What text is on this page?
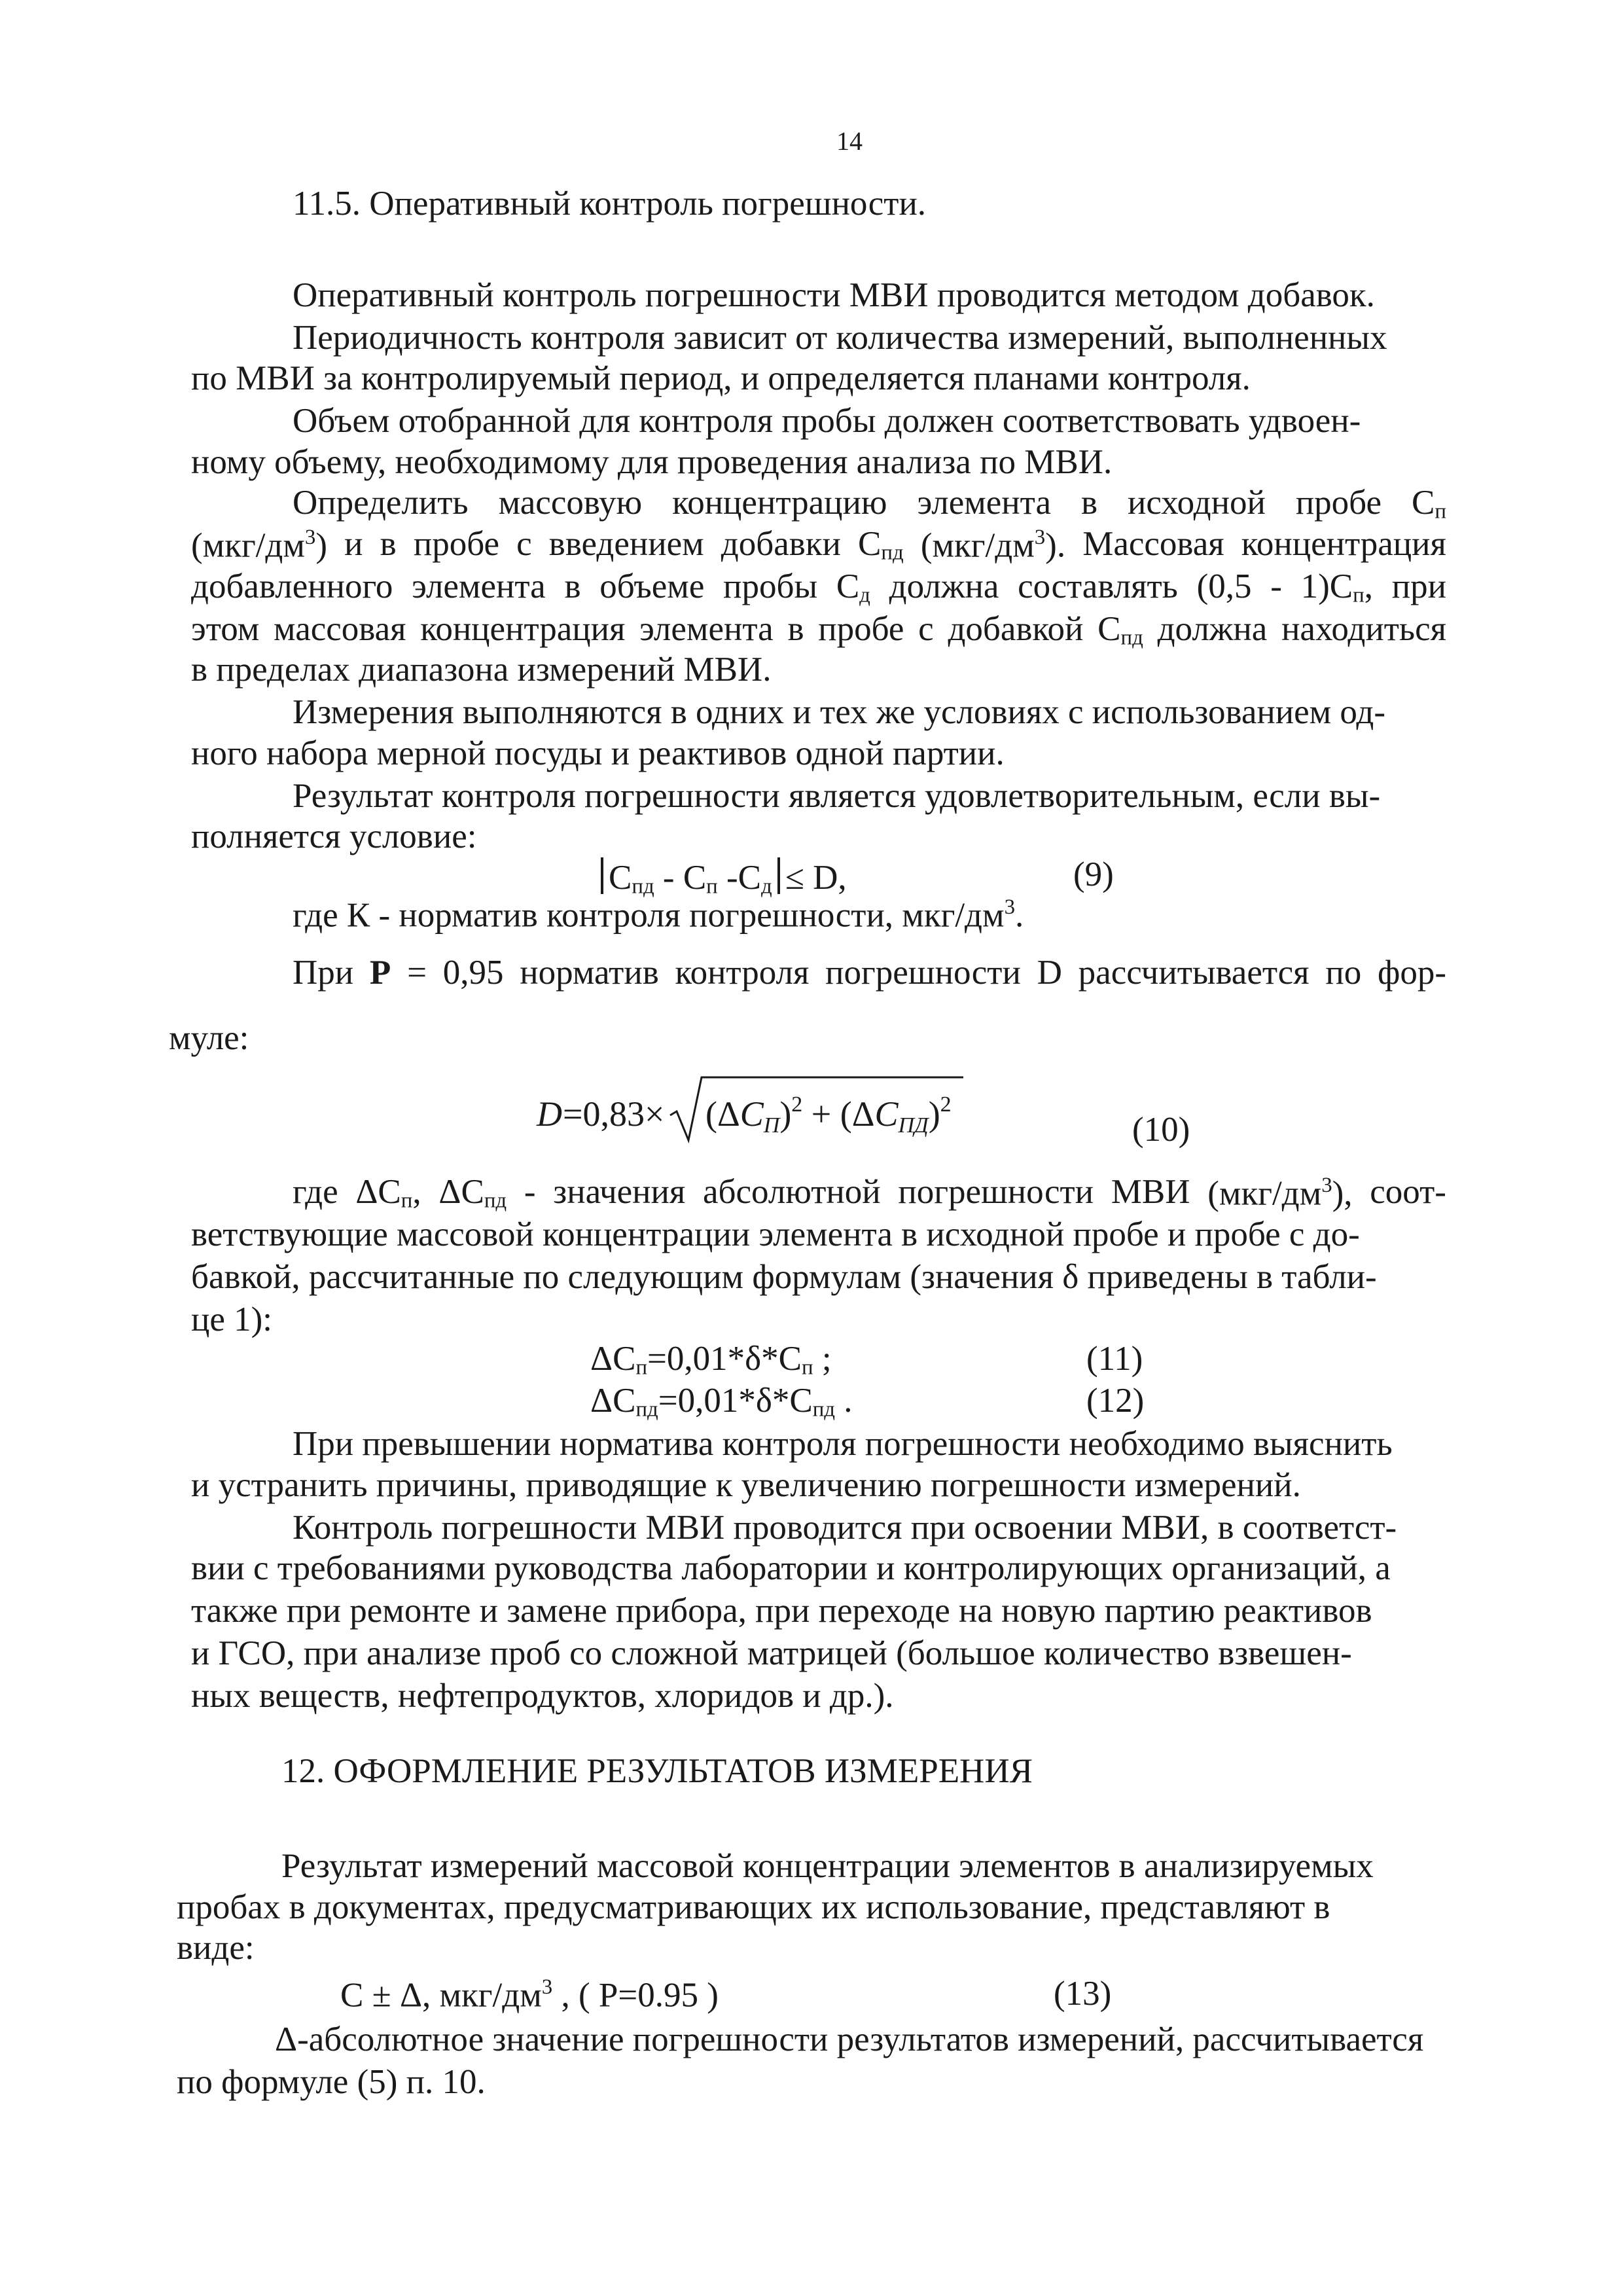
14
11.5. Оперативный контроль погрешности.
Оперативный контроль погрешности МВИ проводится методом добавок.
Периодичность контроля зависит от количества измерений, выполненных
по МВИ за контролируемый период, и определяется планами контроля.
Объем отобранной для контроля пробы должен соответствовать удвоен-
ному объему, необходимому для проведения анализа по МВИ.
Определить массовую концентрацию элемента в исходной пробе $С_п$
$(мкг/дм^3)$ и в пробе с введением добавки $С_{пд}$ $(мкг/дм^3)$. Массовая концентрация
добавленного элемента в объеме пробы $С_д$ должна составлять $(0,5 - 1)С_п$, при
этом массовая концентрация элемента в пробе с добавкой $С_{пд}$ должна находиться
в пределах диапазона измерений МВИ.
Измерения выполняются в одних и тех же условиях с использованием од-
ного набора мерной посуды и реактивов одной партии.
Результат контроля погрешности является удовлетворительным, если вы-
полняется условие:
$С_{пд} - С_п$ $-С_д \le D$,	(9)
где К - норматив контроля погрешности, мкг/$дм^3$.
При P = 0,95 норматив контроля погрешности D рассчитывается по фор-
муле:
$D =0,83\times (\Delta CП)^2 + (\Delta CПД)^2$
(10)
где $\Delta С_п$, $\Delta С_{пд}$ - значения абсолютной погрешности МВИ $(мкг/дм^3)$, соот-
ветствующие массовой концентрации элемента в исходной пробе и пробе с до-
бавкой, рассчитанные по следующим формулам (значения δ приведены в табли-
це 1):
$\Delta С_п=0,01*\delta*С_п$ ;	(11)
$\Delta С_{пд}=0,01*\delta*С_{пд}$ .	(12)
При превышении норматива контроля погрешности необходимо выяснить
и устранить причины, приводящие к увеличению погрешности измерений.
Контроль погрешности МВИ проводится при освоении МВИ, в соответст-
вии с требованиями руководства лаборатории и контролирующих организаций, а
также при ремонте и замене прибора, при переходе на новую партию реактивов
и ГСО, при анализе проб со сложной матрицей (большое количество взвешен-
ных веществ, нефтепродуктов, хлоридов и др.).
12. ОФОРМЛЕНИЕ РЕЗУЛЬТАТОВ ИЗМЕРЕНИЯ
Результат измерений массовой концентрации элементов в анализируемых
пробах в документах, предусматривающих их использование, представляют в
виде:
С ± Δ, мкг/$дм^3$ , ( Р=0.95 )	(13)
Δ-абсолютное значение погрешности результатов измерений, рассчитывается
по формуле (5) п. 10.
